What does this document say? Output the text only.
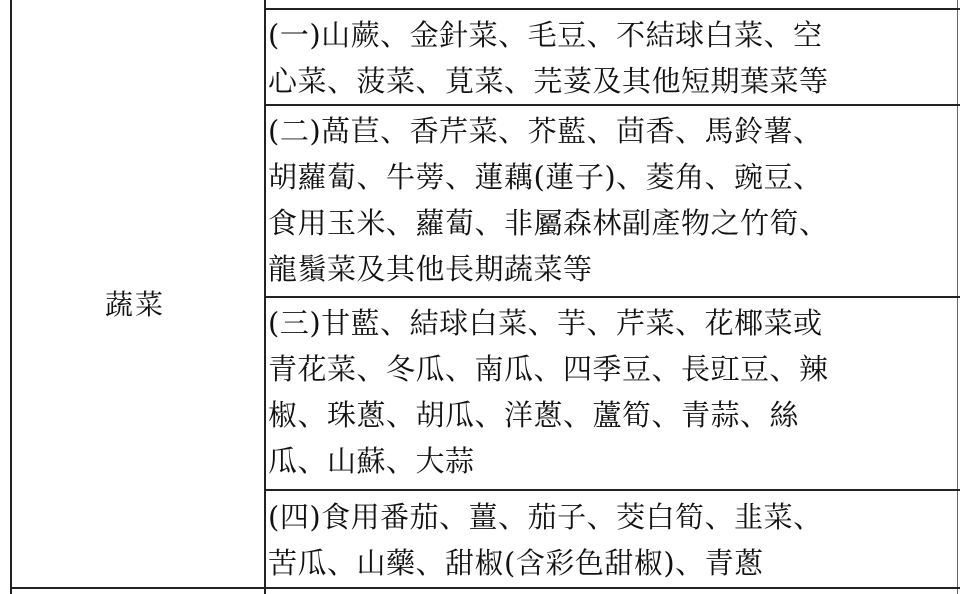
蔬菜
(一)山蕨、金針菜、毛豆、不結球白菜、空
心菜、菠菜、莧菜、芫荽及其他短期葉菜等
(二)萵苣、香芹菜、芥藍、茴香、馬鈴薯、
胡蘿蔔、牛蒡、蓮藕(蓮子)、菱角、豌豆、
食用玉米、蘿蔔、非屬森林副產物之竹筍、
龍鬚菜及其他長期蔬菜等
(三)甘藍、結球白菜、芋、芹菜、花椰菜或
青花菜、冬瓜、南瓜、四季豆、長豇豆、辣
椒、珠蔥、胡瓜、洋蔥、蘆筍、青蒜、絲
瓜、山蘇、大蒜
(四)食用番茄、薑、茄子、茭白筍、韭菜、
苦瓜、山藥、甜椒(含彩色甜椒)、青蔥
